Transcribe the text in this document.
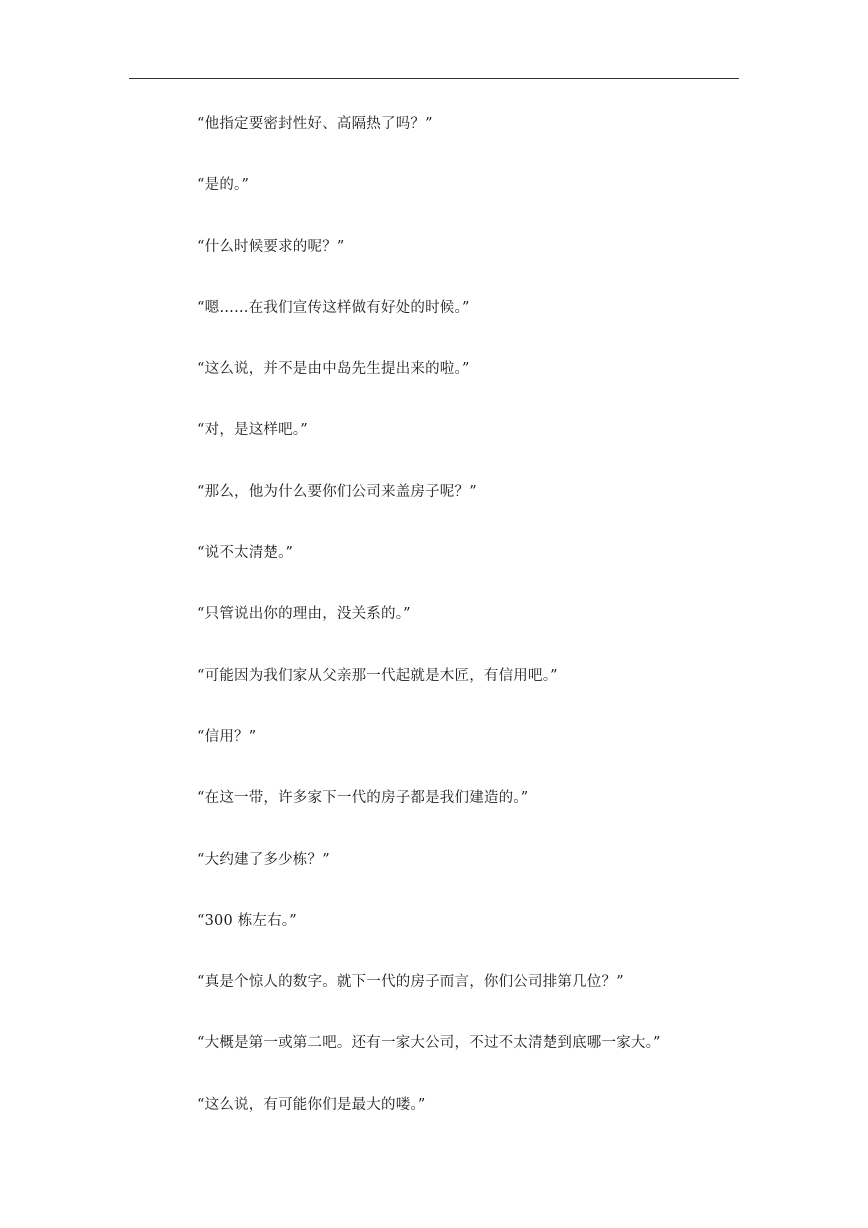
“他指定要密封性好、高隔热了吗？”
“是的。”
“什么时候要求的呢？”
“嗯……在我们宣传这样做有好处的时候。”
“这么说，并不是由中岛先生提出来的啦。”
“对，是这样吧。”
“那么，他为什么要你们公司来盖房子呢？”
“说不太清楚。”
“只管说出你的理由，没关系的。”
“可能因为我们家从父亲那一代起就是木匠，有信用吧。”
“信用？”
“在这一带，许多家下一代的房子都是我们建造的。”
“大约建了多少栋？”
“300 栋左右。”
“真是个惊人的数字。就下一代的房子而言，你们公司排第几位？”
“大概是第一或第二吧。还有一家大公司，不过不太清楚到底哪一家大。”
“这么说，有可能你们是最大的喽。”
